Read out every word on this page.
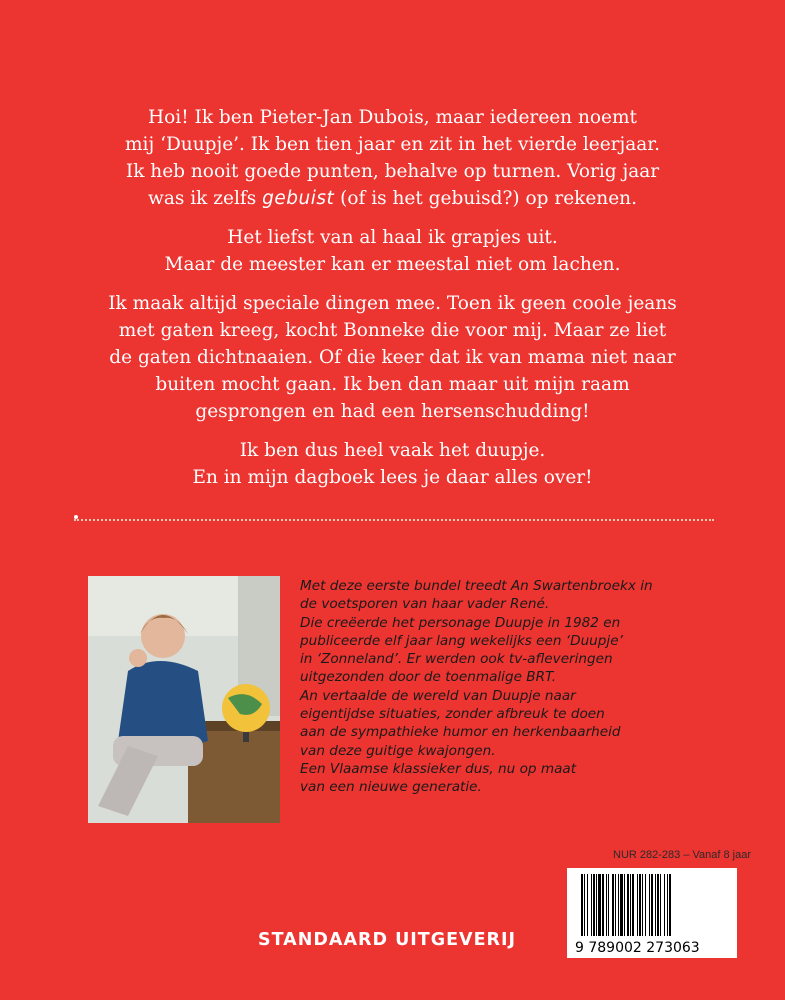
Hoi! Ik ben Pieter-Jan Dubois, maar iedereen noemt
mij ‘Duupje’. Ik ben tien jaar en zit in het vierde leerjaar.
Ik heb nooit goede punten, behalve op turnen. Vorig jaar
was ik zelfs gebuist (of is het gebuisd?) op rekenen.

Het liefst van al haal ik grapjes uit.
Maar de meester kan er meestal niet om lachen.

Ik maak altijd speciale dingen mee. Toen ik geen coole jeans
met gaten kreeg, kocht Bonneke die voor mij. Maar ze liet
de gaten dichtnaaien. Of die keer dat ik van mama niet naar
buiten mocht gaan. Ik ben dan maar uit mijn raam
gesprongen en had een hersenschudding!

Ik ben dus heel vaak het duupje.
En in mijn dagboek lees je daar alles over!

Met deze eerste bundel treedt An Swartenbroekx in
de voetsporen van haar vader René.
Die creëerde het personage Duupje in 1982 en
publiceerde elf jaar lang wekelijks een ‘Duupje’
in ‘Zonneland’. Er werden ook tv-afleveringen
uitgezonden door de toenmalige BRT.
An vertaalde de wereld van Duupje naar
eigentijdse situaties, zonder afbreuk te doen
aan de sympathieke humor en herkenbaarheid
van deze guitige kwajongen.
Een Vlaamse klassieker dus, nu op maat
van een nieuwe generatie.
NUR 282-283 – Vanaf 8 jaar
9 789002 273063
STANDAARD UITGEVERIJ
